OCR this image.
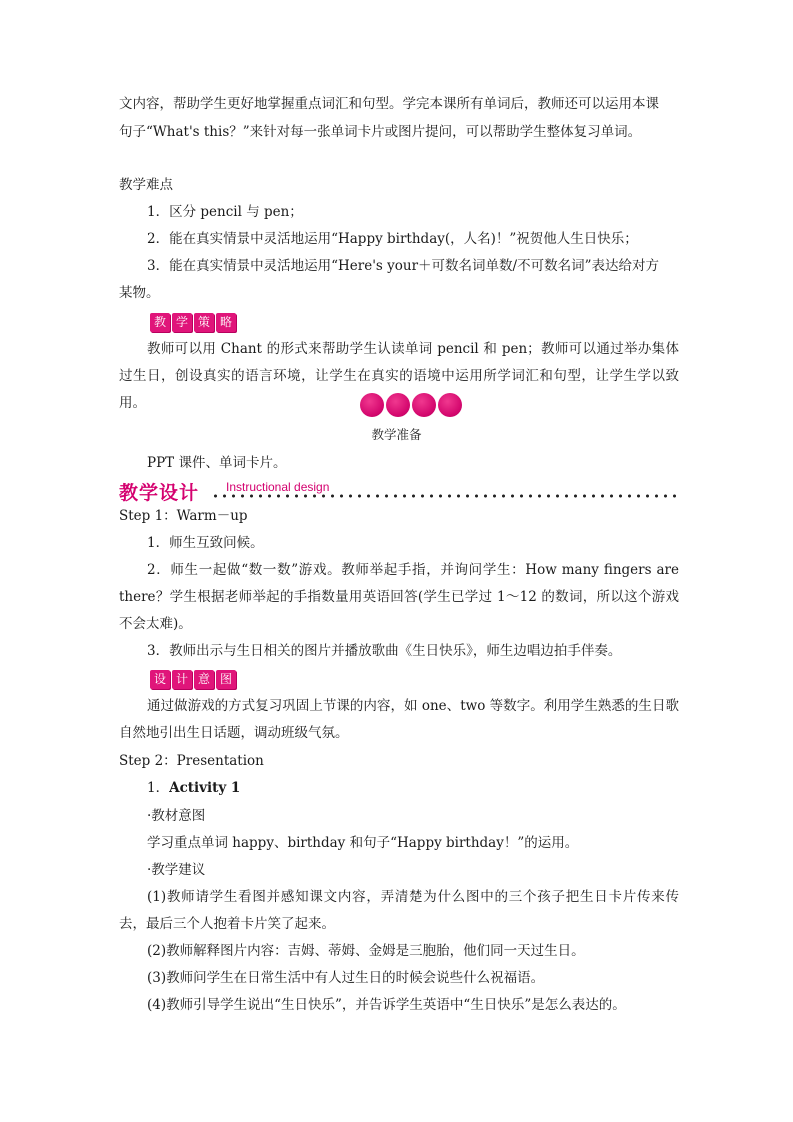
文内容，帮助学生更好地掌握重点词汇和句型。学完本课所有单词后，教师还可以运用本课
句子“What's this？”来针对每一张单词卡片或图片提问，可以帮助学生整体复习单词。
教学难点
1．区分 pencil 与 pen；
2．能在真实情景中灵活地运用“Happy birthday(，人名)！”祝贺他人生日快乐；
3．能在真实情景中灵活地运用“Here's your＋可数名词单数/不可数名词”表达给对方
某物。
教 学 策 略
教师可以用 Chant 的形式来帮助学生认读单词 pencil 和 pen；教师可以通过举办集体过生日，创设真实的语言环境，让学生在真实的语境中运用所学词汇和句型，让学生学以致用。
教学准备
PPT 课件、单词卡片。
教学设计 Instructional design
Step 1：Warm－up
1．师生互致问候。
2．师生一起做“数一数”游戏。教师举起手指，并询问学生：How many fingers are there？学生根据老师举起的手指数量用英语回答(学生已学过 1～12 的数词，所以这个游戏不会太难)。
3．教师出示与生日相关的图片并播放歌曲《生日快乐》，师生边唱边拍手伴奏。
设 计 意 图
通过做游戏的方式复习巩固上节课的内容，如 one、two 等数字。利用学生熟悉的生日歌自然地引出生日话题，调动班级气氛。
Step 2：Presentation
1．Activity 1
·教材意图
学习重点单词 happy、birthday 和句子“Happy birthday！”的运用。
·教学建议
(1)教师请学生看图并感知课文内容，弄清楚为什么图中的三个孩子把生日卡片传来传去，最后三个人抱着卡片笑了起来。
(2)教师解释图片内容：吉姆、蒂姆、金姆是三胞胎，他们同一天过生日。
(3)教师问学生在日常生活中有人过生日的时候会说些什么祝福语。
(4)教师引导学生说出“生日快乐”，并告诉学生英语中“生日快乐”是怎么表达的。
